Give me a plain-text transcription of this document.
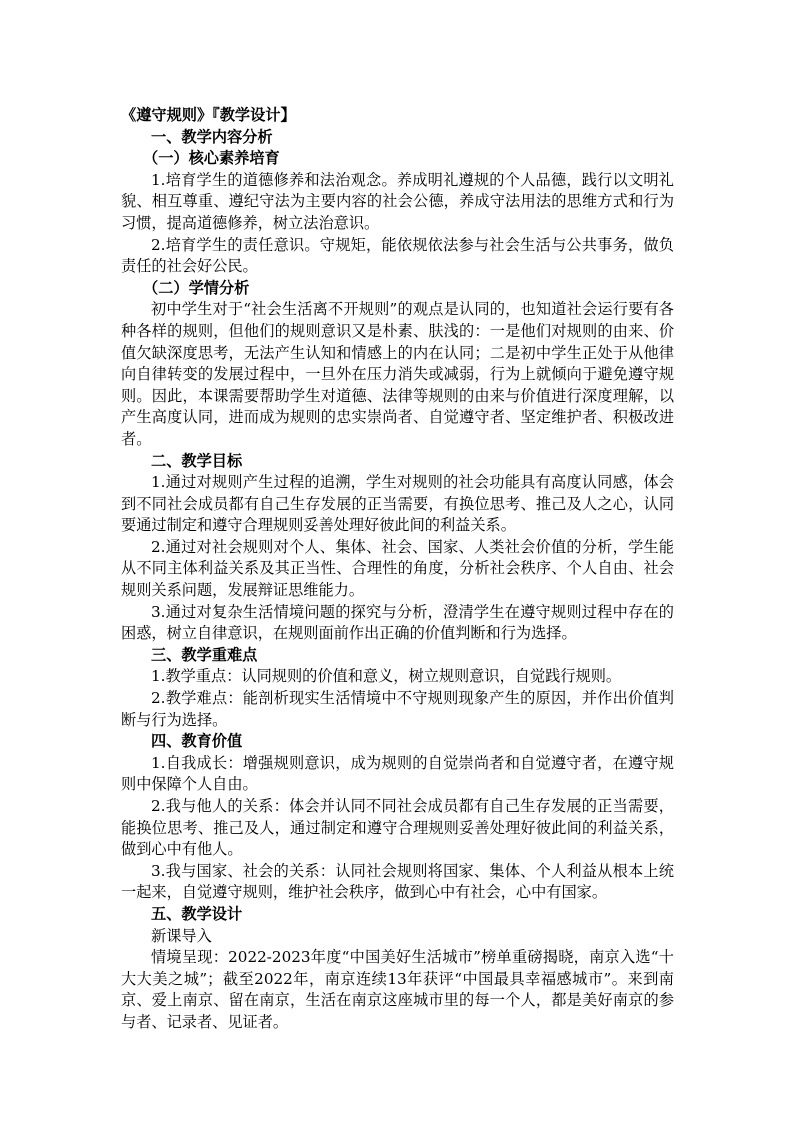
《遵守规则》『教学设计】

一、教学内容分析

（一）核心素养培育

1.培育学生的道德修养和法治观念。养成明礼遵规的个人品德，践行以文明礼貌、相互尊重、遵纪守法为主要内容的社会公德，养成守法用法的思维方式和行为习惯，提高道德修养，树立法治意识。

2.培育学生的责任意识。守规矩，能依规依法参与社会生活与公共事务，做负责任的社会好公民。

（二）学情分析

初中学生对于“社会生活离不开规则”的观点是认同的，也知道社会运行要有各种各样的规则，但他们的规则意识又是朴素、肤浅的：一是他们对规则的由来、价值欠缺深度思考，无法产生认知和情感上的内在认同；二是初中学生正处于从他律向自律转变的发展过程中，一旦外在压力消失或减弱，行为上就倾向于避免遵守规则。因此，本课需要帮助学生对道德、法律等规则的由来与价值进行深度理解，以产生高度认同，进而成为规则的忠实崇尚者、自觉遵守者、坚定维护者、积极改进者。

二、教学目标

1.通过对规则产生过程的追溯，学生对规则的社会功能具有高度认同感，体会到不同社会成员都有自己生存发展的正当需要，有换位思考、推己及人之心，认同要通过制定和遵守合理规则妥善处理好彼此间的利益关系。

2.通过对社会规则对个人、集体、社会、国家、人类社会价值的分析，学生能从不同主体利益关系及其正当性、合理性的角度，分析社会秩序、个人自由、社会规则关系问题，发展辩证思维能力。

3.通过对复杂生活情境问题的探究与分析，澄清学生在遵守规则过程中存在的困惑，树立自律意识，在规则面前作出正确的价值判断和行为选择。

三、教学重难点

1.教学重点：认同规则的价值和意义，树立规则意识，自觉践行规则。

2.教学难点：能剖析现实生活情境中不守规则现象产生的原因，并作出价值判断与行为选择。

四、教育价值

1.自我成长：增强规则意识，成为规则的自觉崇尚者和自觉遵守者，在遵守规则中保障个人自由。

2.我与他人的关系：体会并认同不同社会成员都有自己生存发展的正当需要，能换位思考、推己及人，通过制定和遵守合理规则妥善处理好彼此间的利益关系，做到心中有他人。

3.我与国家、社会的关系：认同社会规则将国家、集体、个人利益从根本上统一起来，自觉遵守规则，维护社会秩序，做到心中有社会，心中有国家。

五、教学设计

新课导入

情境呈现：2022-2023年度“中国美好生活城市”榜单重磅揭晓，南京入选“十大大美之城”；截至2022年，南京连续13年获评“中国最具幸福感城市”。来到南京、爱上南京、留在南京，生活在南京这座城市里的每一个人，都是美好南京的参与者、记录者、见证者。
